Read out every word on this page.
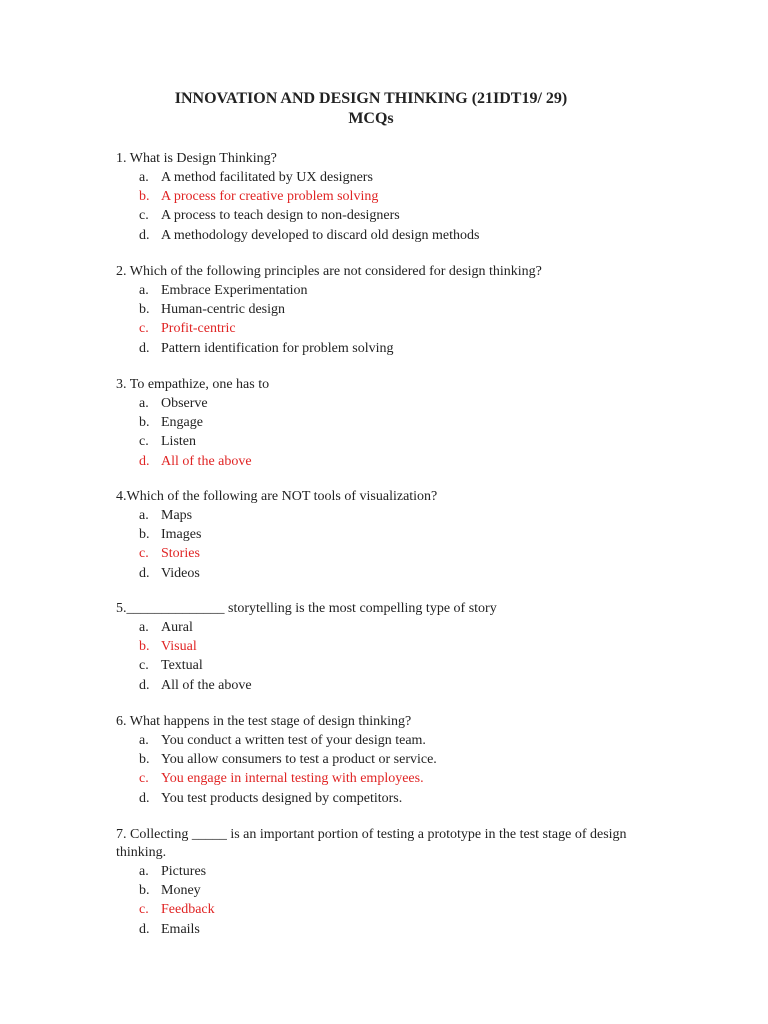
INNOVATION AND DESIGN THINKING (21IDT19/ 29)
MCQs

1. What is Design Thinking?

a. A method facilitated by UX designers

b. A process for creative problem solving

c. A process to teach design to non-designers

d. A methodology developed to discard old design methods

2. Which of the following principles are not considered for design thinking?

a. Embrace Experimentation

b. Human-centric design

c. Profit-centric

d. Pattern identification for problem solving

3. To empathize, one has to

a. Observe

b. Engage

c. Listen

d. All of the above

4.Which of the following are NOT tools of visualization?

a. Maps

b. Images

c. Stories

d. Videos

5.______________ storytelling is the most compelling type of story

a. Aural

b. Visual

c. Textual

d. All of the above

6. What happens in the test stage of design thinking?

a. You conduct a written test of your design team.

b. You allow consumers to test a product or service.

c. You engage in internal testing with employees.

d. You test products designed by competitors.

7. Collecting _____ is an important portion of testing a prototype in the test stage of design thinking.

a. Pictures

b. Money

c. Feedback

d. Emails
